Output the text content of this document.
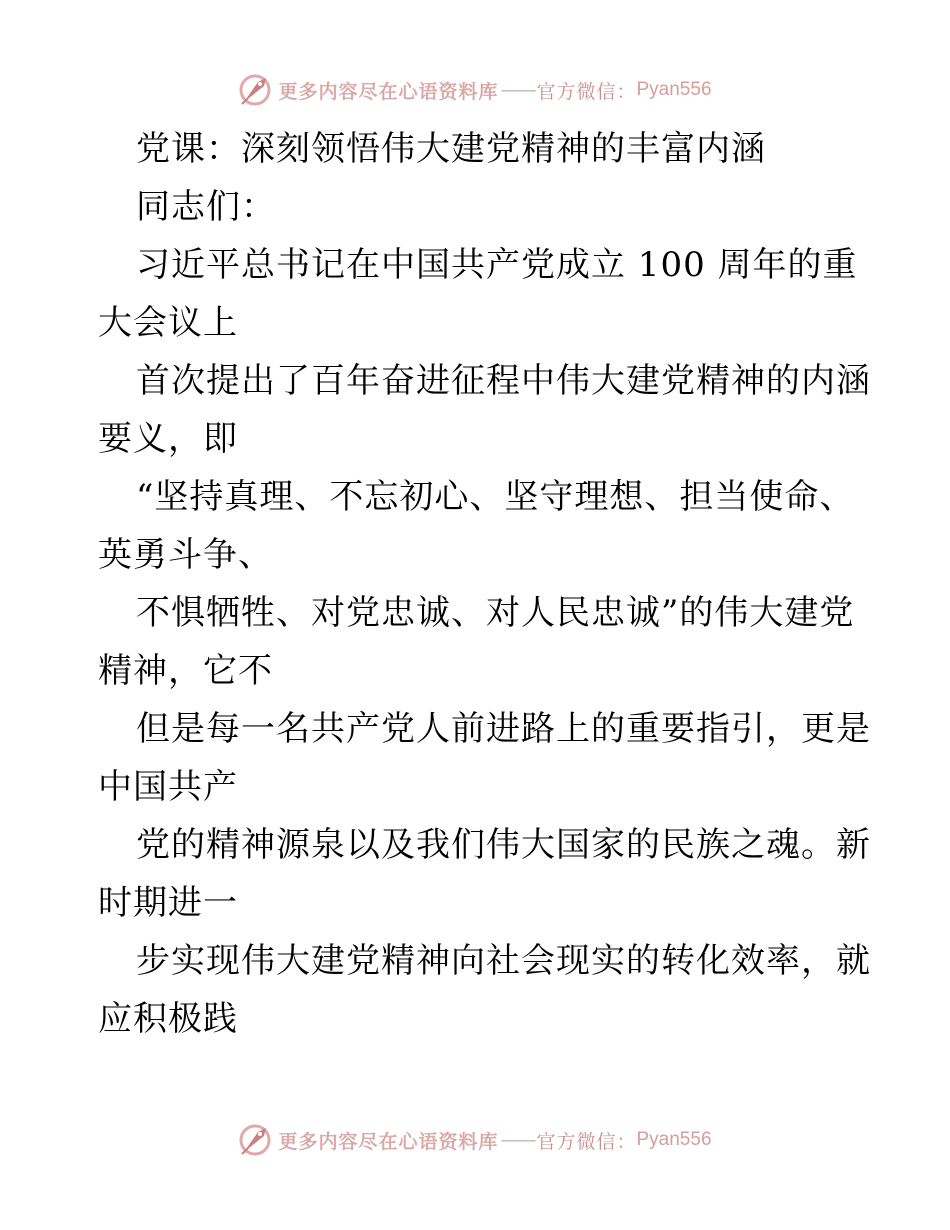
更多内容尽在心语资料库 —— 官方微信： Pyan556
党课：深刻领悟伟大建党精神的丰富内涵
同志们：
习近平总书记在中国共产党成立 100 周年的重
大会议上
首次提出了百年奋进征程中伟大建党精神的内涵
要义，即
“坚持真理、不忘初心、坚守理想、担当使命、
英勇斗争、
不惧牺牲、对党忠诚、对人民忠诚”的伟大建党
精神，它不
但是每一名共产党人前进路上的重要指引，更是
中国共产
党的精神源泉以及我们伟大国家的民族之魂。新
时期进一
步实现伟大建党精神向社会现实的转化效率，就
应积极践
更多内容尽在心语资料库 —— 官方微信： Pyan556
